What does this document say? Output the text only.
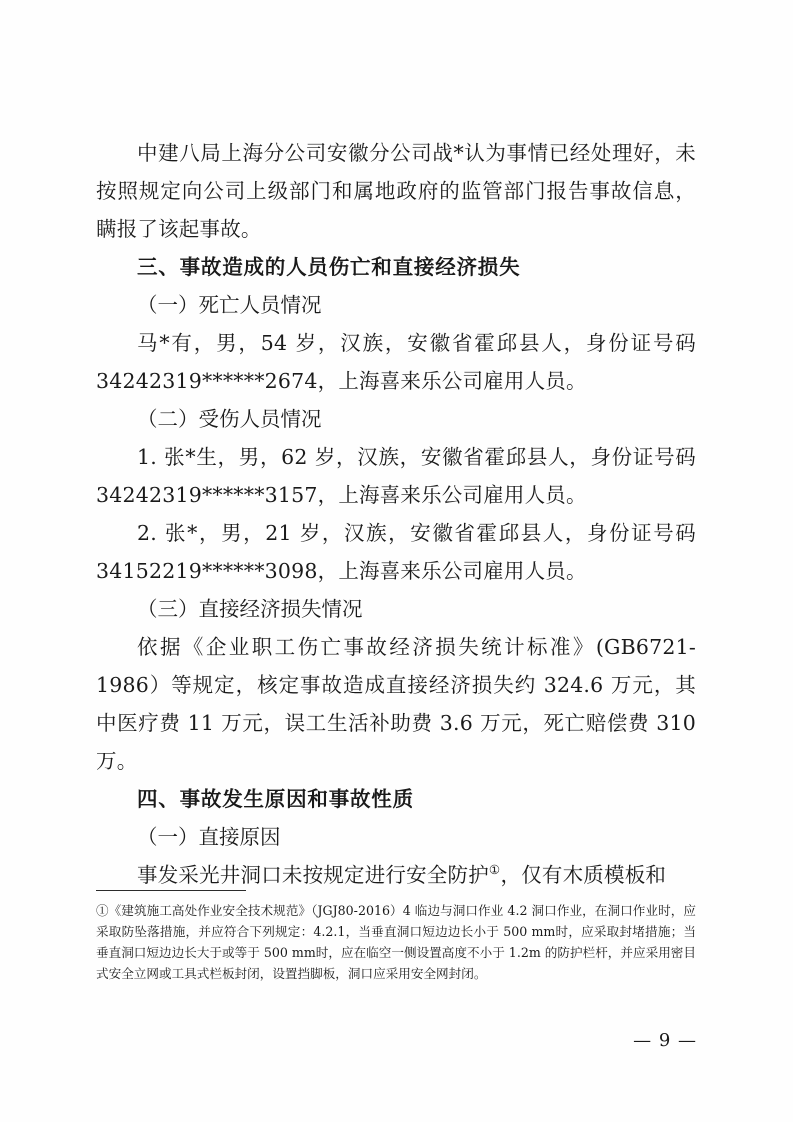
中建八局上海分公司安徽分公司战*认为事情已经处理好，未按照规定向公司上级部门和属地政府的监管部门报告事故信息，瞒报了该起事故。

三、事故造成的人员伤亡和直接经济损失

（一）死亡人员情况

马*有，男，54 岁，汉族，安徽省霍邱县人，身份证号码 34242319******2674，上海喜来乐公司雇用人员。

（二）受伤人员情况

1. 张*生，男，62 岁，汉族，安徽省霍邱县人，身份证号码 34242319******3157，上海喜来乐公司雇用人员。

2. 张*，男，21 岁，汉族，安徽省霍邱县人，身份证号码 34152219******3098，上海喜来乐公司雇用人员。

（三）直接经济损失情况

依据《企业职工伤亡事故经济损失统计标准》(GB6721-1986）等规定，核定事故造成直接经济损失约 324.6 万元，其中医疗费 11 万元，误工生活补助费 3.6 万元，死亡赔偿费 310 万。

四、事故发生原因和事故性质

（一）直接原因

事发采光井洞口未按规定进行安全防护①，仅有木质模板和

①《建筑施工高处作业安全技术规范》（JGJ80-2016）4 临边与洞口作业 4.2 洞口作业，在洞口作业时，应采取防坠落措施，并应符合下列规定：4.2.1，当垂直洞口短边边长小于 500 mm时，应采取封堵措施；当垂直洞口短边边长大于或等于 500 mm时，应在临空一侧设置高度不小于 1.2m 的防护栏杆，并应采用密目式安全立网或工具式栏板封闭，设置挡脚板，洞口应采用安全网封闭。

— 9 —
